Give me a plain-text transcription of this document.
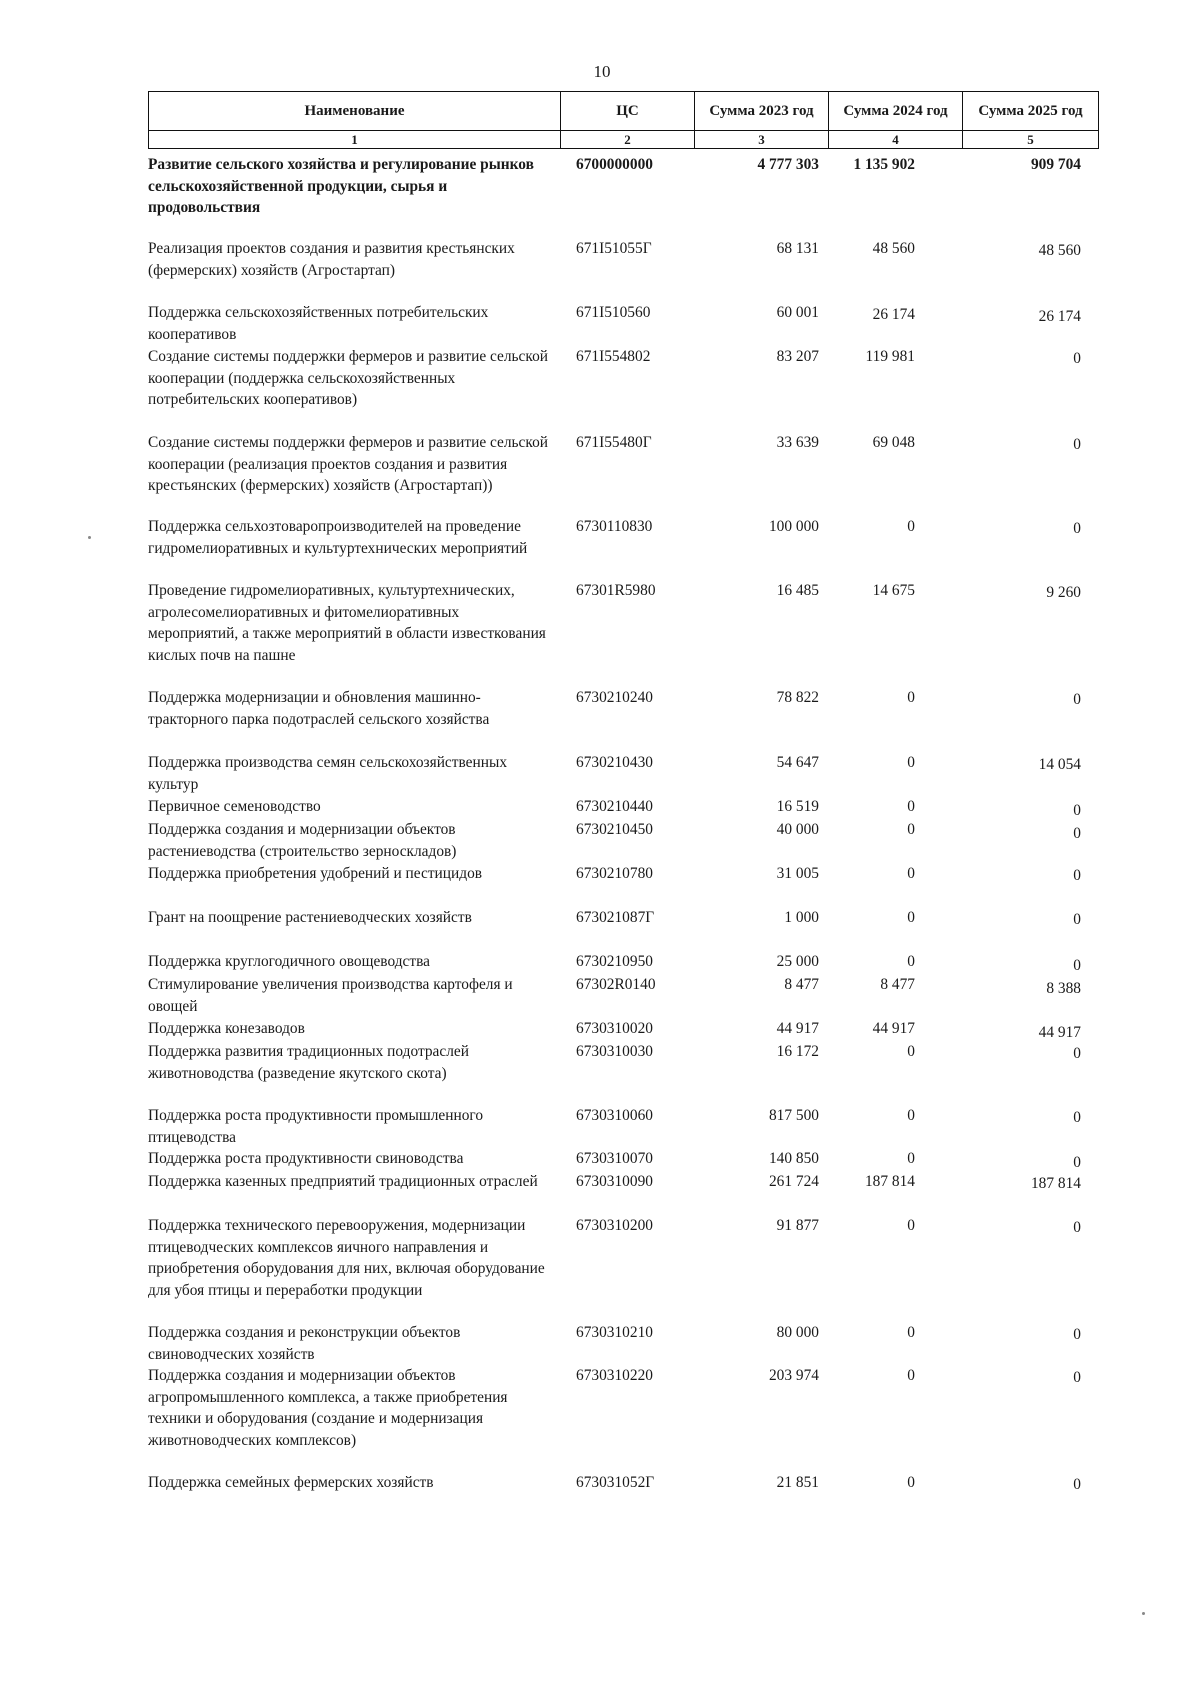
10
Наименование	ЦС	Сумма 2023 год	Сумма 2024 год	Сумма 2025 год
1	2	3	4	5
Развитие сельского хозяйства и регулирование рынков сельскохозяйственной продукции, сырья и продовольствия
6700000000	4 777 303	1 135 902	909 704
Реализация проектов создания и развития крестьянских (фермерских) хозяйств (Агростартап)
671I51055Г	68 131	48 560	48 560
Поддержка сельскохозяйственных потребительских кооперативов
671I510560	60 001	26 174	26 174
Создание системы поддержки фермеров и развитие сельской кооперации (поддержка сельскохозяйственных потребительских кооперативов)
671I554802	83 207	119 981	0
Создание системы поддержки фермеров и развитие сельской кооперации (реализация проектов создания и развития крестьянских (фермерских) хозяйств (Агростартап))
671I55480Г	33 639	69 048	0
Поддержка сельхозтоваропроизводителей на проведение гидромелиоративных и культуртехнических мероприятий
6730110830	100 000	0	0
Проведение гидромелиоративных, культуртехнических, агролесомелиоративных и фитомелиоративных мероприятий, а также мероприятий в области известкования кислых почв на пашне
67301R5980	16 485	14 675	9 260
Поддержка модернизации и обновления машинно-тракторного парка подотраслей сельского хозяйства
6730210240	78 822	0	0
Поддержка производства семян сельскохозяйственных культур
6730210430	54 647	0	14 054
Первичное семеноводство	6730210440	16 519	0	0
Поддержка создания и модернизации объектов растениеводства (строительство зерноскладов)
6730210450	40 000	0	0
Поддержка приобретения удобрений и пестицидов	6730210780	31 005	0	0
Грант на поощрение растениеводческих хозяйств	673021087Г	1 000	0	0
Поддержка круглогодичного овощеводства	6730210950	25 000	0	0
Стимулирование увеличения производства картофеля и овощей
67302R0140	8 477	8 477	8 388
Поддержка конезаводов	6730310020	44 917	44 917	44 917
Поддержка развития традиционных подотраслей животноводства (разведение якутского скота)
6730310030	16 172	0	0
Поддержка роста продуктивности промышленного птицеводства
6730310060	817 500	0	0
Поддержка роста продуктивности свиноводства	6730310070	140 850	0	0
Поддержка казенных предприятий традиционных отраслей	6730310090	261 724	187 814	187 814
Поддержка технического перевооружения, модернизации птицеводческих комплексов яичного направления и приобретения оборудования для них, включая оборудование для убоя птицы и переработки продукции
6730310200	91 877	0	0
Поддержка создания и реконструкции объектов свиноводческих хозяйств
6730310210	80 000	0	0
Поддержка создания и модернизации объектов агропромышленного комплекса, а также приобретения техники и оборудования (создание и модернизация животноводческих комплексов)
6730310220	203 974	0	0
Поддержка семейных фермерских хозяйств	673031052Г	21 851	0	0
